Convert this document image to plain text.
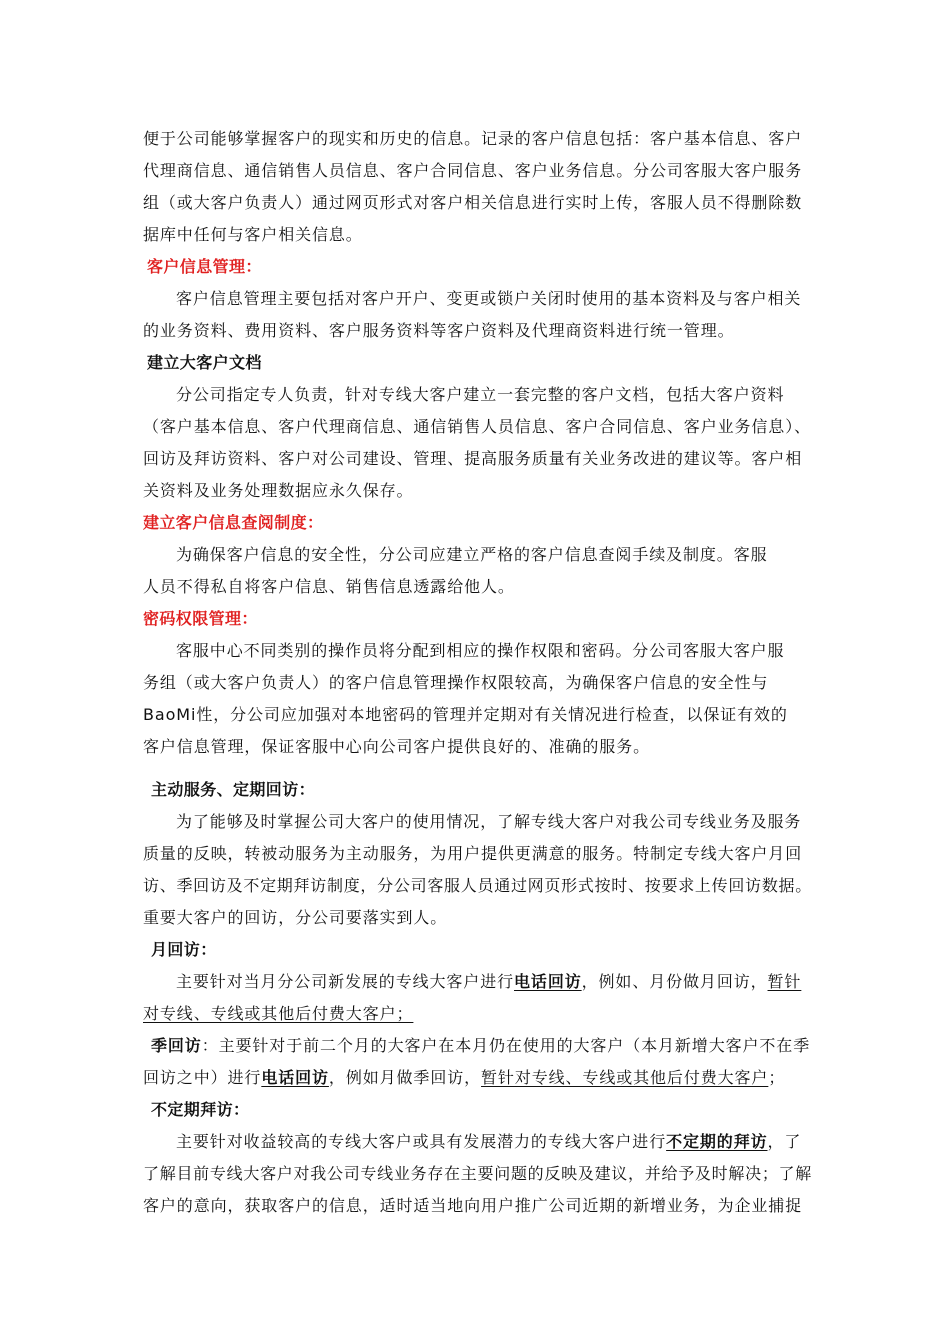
便于公司能够掌握客户的现实和历史的信息。记录的客户信息包括：客户基本信息、客户
代理商信息、通信销售人员信息、客户合同信息、客户业务信息。分公司客服大客户服务
组（或大客户负责人）通过网页形式对客户相关信息进行实时上传，客服人员不得删除数
据库中任何与客户相关信息。
客户信息管理：
客户信息管理主要包括对客户开户、变更或锁户关闭时使用的基本资料及与客户相关
的业务资料、费用资料、客户服务资料等客户资料及代理商资料进行统一管理。
建立大客户文档
分公司指定专人负责，针对专线大客户建立一套完整的客户文档，包括大客户资料
（客户基本信息、客户代理商信息、通信销售人员信息、客户合同信息、客户业务信息）、
回访及拜访资料、客户对公司建设、管理、提高服务质量有关业务改进的建议等。客户相
关资料及业务处理数据应永久保存。
建立客户信息查阅制度：
为确保客户信息的安全性，分公司应建立严格的客户信息查阅手续及制度。客服
人员不得私自将客户信息、销售信息透露给他人。
密码权限管理：
客服中心不同类别的操作员将分配到相应的操作权限和密码。分公司客服大客户服
务组（或大客户负责人）的客户信息管理操作权限较高，为确保客户信息的安全性与
BaoMi性，分公司应加强对本地密码的管理并定期对有关情况进行检查，以保证有效的
客户信息管理，保证客服中心向公司客户提供良好的、准确的服务。
主动服务、定期回访：
为了能够及时掌握公司大客户的使用情况，了解专线大客户对我公司专线业务及服务
质量的反映，转被动服务为主动服务，为用户提供更满意的服务。特制定专线大客户月回
访、季回访及不定期拜访制度，分公司客服人员通过网页形式按时、按要求上传回访数据。
重要大客户的回访，分公司要落实到人。
月回访：
主要针对当月分公司新发展的专线大客户进行电话回访，例如、月份做月回访，暂针
对专线、专线或其他后付费大客户；
季回访：主要针对于前二个月的大客户在本月仍在使用的大客户（本月新增大客户不在季
回访之中）进行电话回访，例如月做季回访，暂针对专线、专线或其他后付费大客户；
不定期拜访：
主要针对收益较高的专线大客户或具有发展潜力的专线大客户进行不定期的拜访，了
了解目前专线大客户对我公司专线业务存在主要问题的反映及建议，并给予及时解决；了解
客户的意向，获取客户的信息，适时适当地向用户推广公司近期的新增业务，为企业捕捉
